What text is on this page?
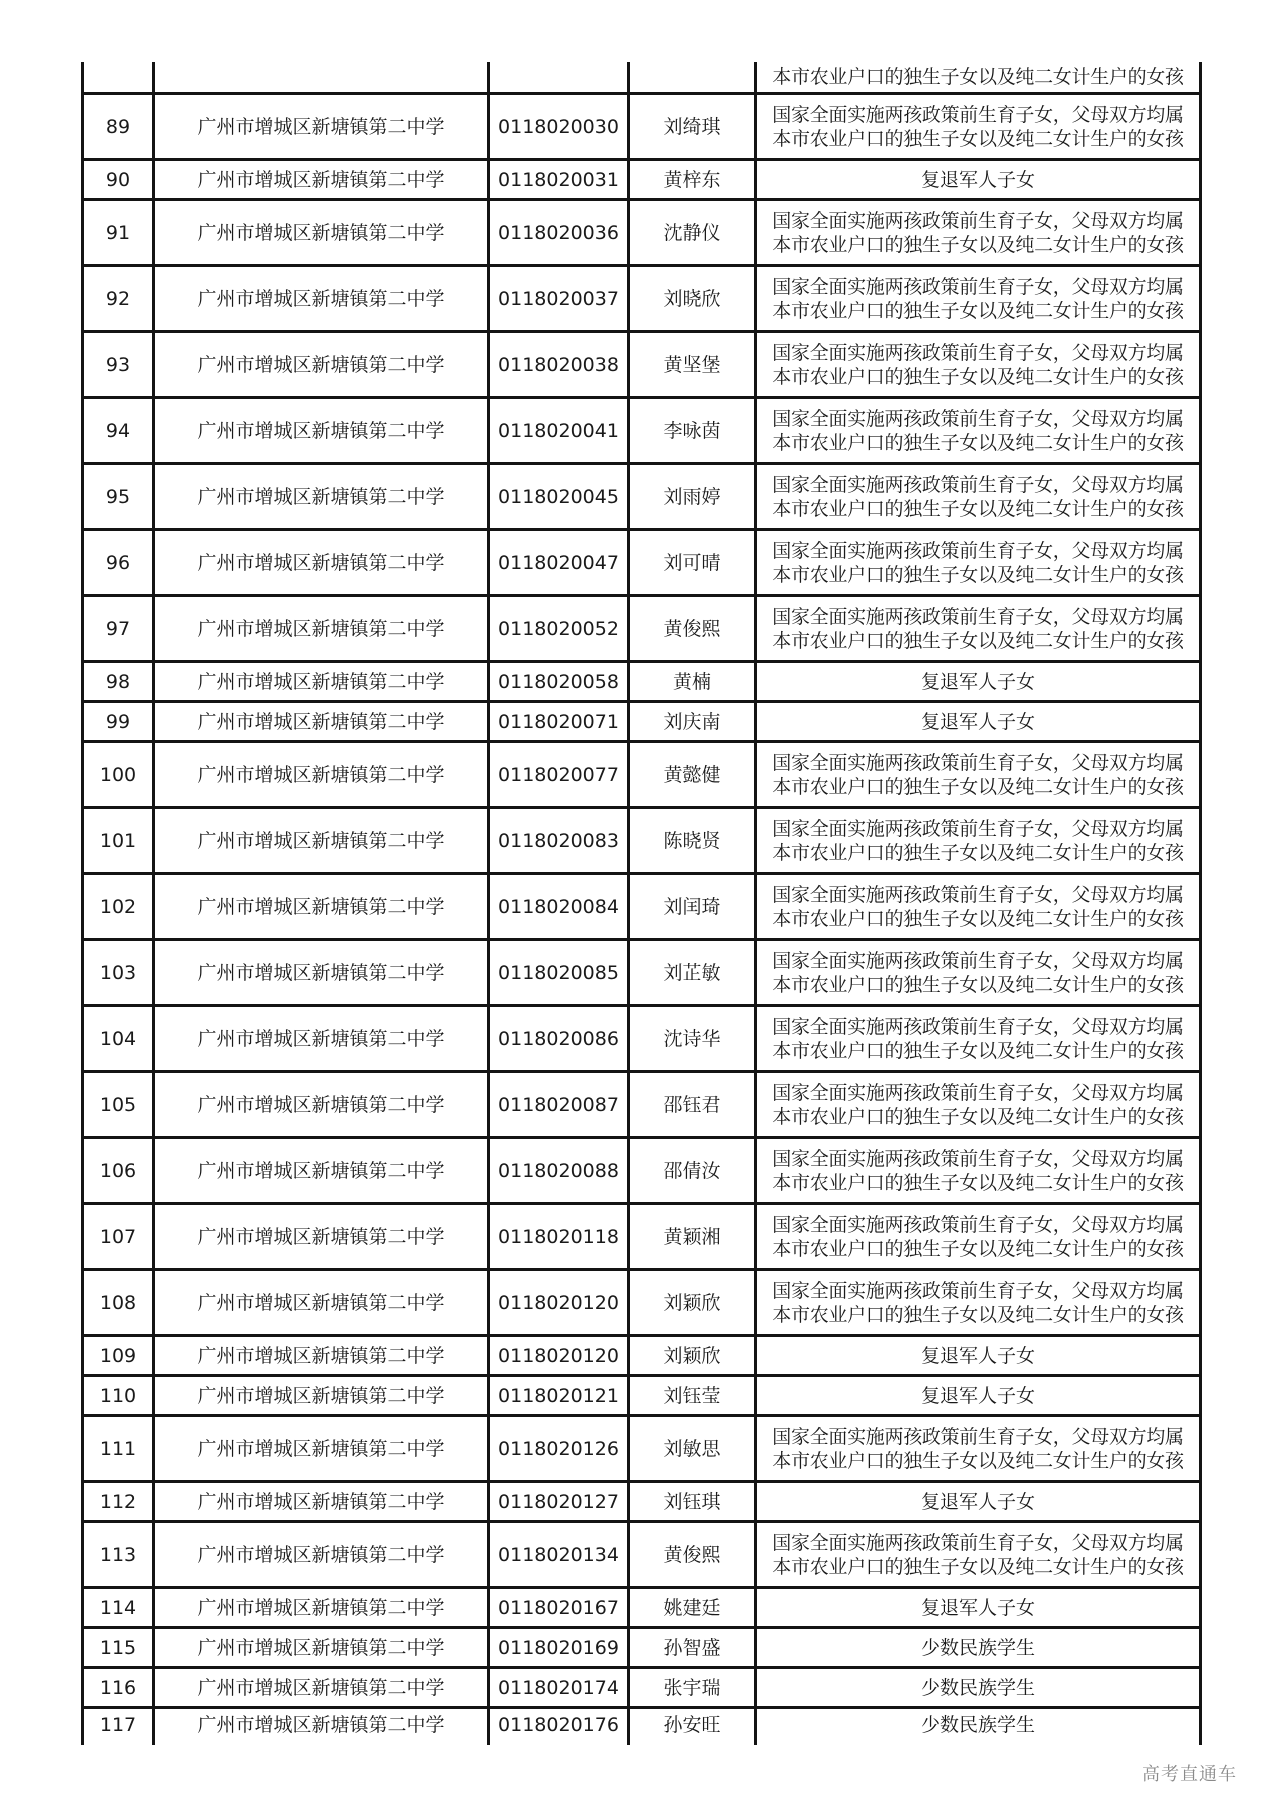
				本市农业户口的独生子女以及纯二女计生户的女孩

89	广州市增城区新塘镇第二中学	0118020030	刘绮琪	国家全面实施两孩政策前生育子女，父母双方均属
本市农业户口的独生子女以及纯二女计生户的女孩

90	广州市增城区新塘镇第二中学	0118020031	黄梓东	复退军人子女
91	广州市增城区新塘镇第二中学	0118020036	沈静仪	国家全面实施两孩政策前生育子女，父母双方均属
本市农业户口的独生子女以及纯二女计生户的女孩

92	广州市增城区新塘镇第二中学	0118020037	刘晓欣	国家全面实施两孩政策前生育子女，父母双方均属
本市农业户口的独生子女以及纯二女计生户的女孩

93	广州市增城区新塘镇第二中学	0118020038	黄坚堡	国家全面实施两孩政策前生育子女，父母双方均属
本市农业户口的独生子女以及纯二女计生户的女孩

94	广州市增城区新塘镇第二中学	0118020041	李咏茵	国家全面实施两孩政策前生育子女，父母双方均属
本市农业户口的独生子女以及纯二女计生户的女孩

95	广州市增城区新塘镇第二中学	0118020045	刘雨婷	国家全面实施两孩政策前生育子女，父母双方均属
本市农业户口的独生子女以及纯二女计生户的女孩

96	广州市增城区新塘镇第二中学	0118020047	刘可晴	国家全面实施两孩政策前生育子女，父母双方均属
本市农业户口的独生子女以及纯二女计生户的女孩

97	广州市增城区新塘镇第二中学	0118020052	黄俊熙	国家全面实施两孩政策前生育子女，父母双方均属
本市农业户口的独生子女以及纯二女计生户的女孩

98	广州市增城区新塘镇第二中学	0118020058	黄楠	复退军人子女
99	广州市增城区新塘镇第二中学	0118020071	刘庆南	复退军人子女
100	广州市增城区新塘镇第二中学	0118020077	黄懿健	国家全面实施两孩政策前生育子女，父母双方均属
本市农业户口的独生子女以及纯二女计生户的女孩

101	广州市增城区新塘镇第二中学	0118020083	陈晓贤	国家全面实施两孩政策前生育子女，父母双方均属
本市农业户口的独生子女以及纯二女计生户的女孩

102	广州市增城区新塘镇第二中学	0118020084	刘闰琦	国家全面实施两孩政策前生育子女，父母双方均属
本市农业户口的独生子女以及纯二女计生户的女孩

103	广州市增城区新塘镇第二中学	0118020085	刘芷敏	国家全面实施两孩政策前生育子女，父母双方均属
本市农业户口的独生子女以及纯二女计生户的女孩

104	广州市增城区新塘镇第二中学	0118020086	沈诗华	国家全面实施两孩政策前生育子女，父母双方均属
本市农业户口的独生子女以及纯二女计生户的女孩

105	广州市增城区新塘镇第二中学	0118020087	邵钰君	国家全面实施两孩政策前生育子女，父母双方均属
本市农业户口的独生子女以及纯二女计生户的女孩

106	广州市增城区新塘镇第二中学	0118020088	邵倩汝	国家全面实施两孩政策前生育子女，父母双方均属
本市农业户口的独生子女以及纯二女计生户的女孩

107	广州市增城区新塘镇第二中学	0118020118	黄颖湘	国家全面实施两孩政策前生育子女，父母双方均属
本市农业户口的独生子女以及纯二女计生户的女孩

108	广州市增城区新塘镇第二中学	0118020120	刘颖欣	国家全面实施两孩政策前生育子女，父母双方均属
本市农业户口的独生子女以及纯二女计生户的女孩

109	广州市增城区新塘镇第二中学	0118020120	刘颖欣	复退军人子女
110	广州市增城区新塘镇第二中学	0118020121	刘钰莹	复退军人子女
111	广州市增城区新塘镇第二中学	0118020126	刘敏思	国家全面实施两孩政策前生育子女，父母双方均属
本市农业户口的独生子女以及纯二女计生户的女孩

112	广州市增城区新塘镇第二中学	0118020127	刘钰琪	复退军人子女
113	广州市增城区新塘镇第二中学	0118020134	黄俊熙	国家全面实施两孩政策前生育子女，父母双方均属
本市农业户口的独生子女以及纯二女计生户的女孩

114	广州市增城区新塘镇第二中学	0118020167	姚建廷	复退军人子女
115	广州市增城区新塘镇第二中学	0118020169	孙智盛	少数民族学生
116	广州市增城区新塘镇第二中学	0118020174	张宇瑞	少数民族学生
117	广州市增城区新塘镇第二中学	0118020176	孙安旺	少数民族学生
高考直通车
